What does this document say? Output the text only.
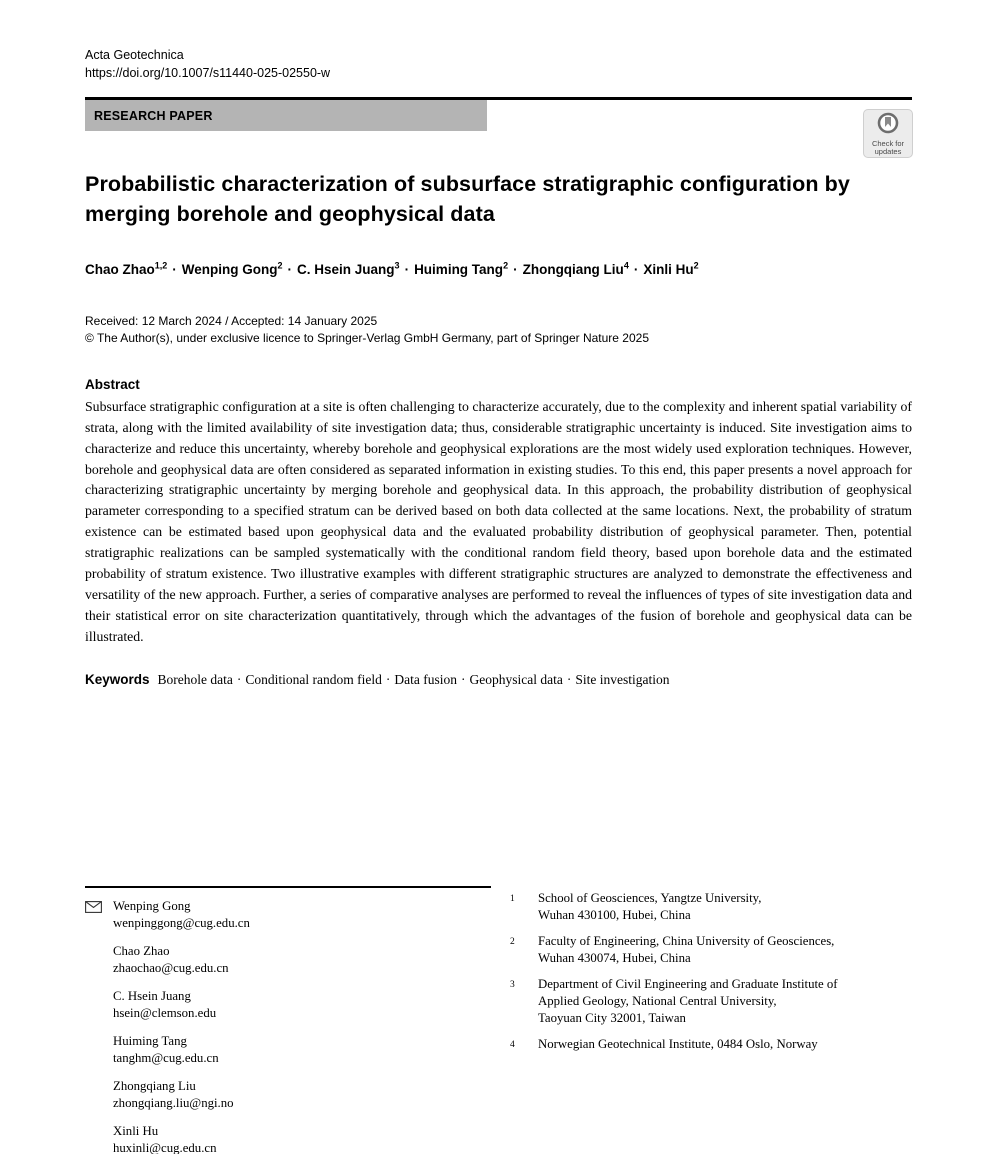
Acta Geotechnica
https://doi.org/10.1007/s11440-025-02550-w
RESEARCH PAPER
Check for
updates
Probabilistic characterization of subsurface stratigraphic configuration by merging borehole and geophysical data
Chao Zhao$^{1,2}$ · Wenping Gong$^2$ · C. Hsein Juang$^3$ · Huiming Tang$^2$ · Zhongqiang Liu$^4$ · Xinli Hu$^2$
Received: 12 March 2024 / Accepted: 14 January 2025
© The Author(s), under exclusive licence to Springer-Verlag GmbH Germany, part of Springer Nature 2025
Abstract
Subsurface stratigraphic configuration at a site is often challenging to characterize accurately, due to the complexity and inherent spatial variability of strata, along with the limited availability of site investigation data; thus, considerable stratigraphic uncertainty is induced. Site investigation aims to characterize and reduce this uncertainty, whereby borehole and geophysical explorations are the most widely used exploration techniques. However, borehole and geophysical data are often considered as separated information in existing studies. To this end, this paper presents a novel approach for characterizing stratigraphic uncertainty by merging borehole and geophysical data. In this approach, the probability distribution of geophysical parameter corresponding to a specified stratum can be derived based on both data collected at the same locations. Next, the probability of stratum existence can be estimated based upon geophysical data and the evaluated probability distribution of geophysical parameter. Then, potential stratigraphic realizations can be sampled systematically with the conditional random field theory, based upon borehole data and the estimated probability of stratum existence. Two illustrative examples with different stratigraphic structures are analyzed to demonstrate the effectiveness and versatility of the new approach. Further, a series of comparative analyses are performed to reveal the influences of types of site investigation data and their statistical error on site characterization quantitatively, through which the advantages of the fusion of borehole and geophysical data can be illustrated.
Keywords Borehole data · Conditional random field · Data fusion · Geophysical data · Site investigation
Wenping Gong
wenpinggong@cug.edu.cn
Chao Zhao
zhaochao@cug.edu.cn
C. Hsein Juang
hsein@clemson.edu
Huiming Tang
tanghm@cug.edu.cn
Zhongqiang Liu
zhongqiang.liu@ngi.no
Xinli Hu
huxinli@cug.edu.cn
1	School of Geosciences, Yangtze University,
Wuhan 430100, Hubei, China
2	Faculty of Engineering, China University of Geosciences,
Wuhan 430074, Hubei, China
3	Department of Civil Engineering and Graduate Institute of
Applied Geology, National Central University,
Taoyuan City 32001, Taiwan
4	Norwegian Geotechnical Institute, 0484 Oslo, Norway
